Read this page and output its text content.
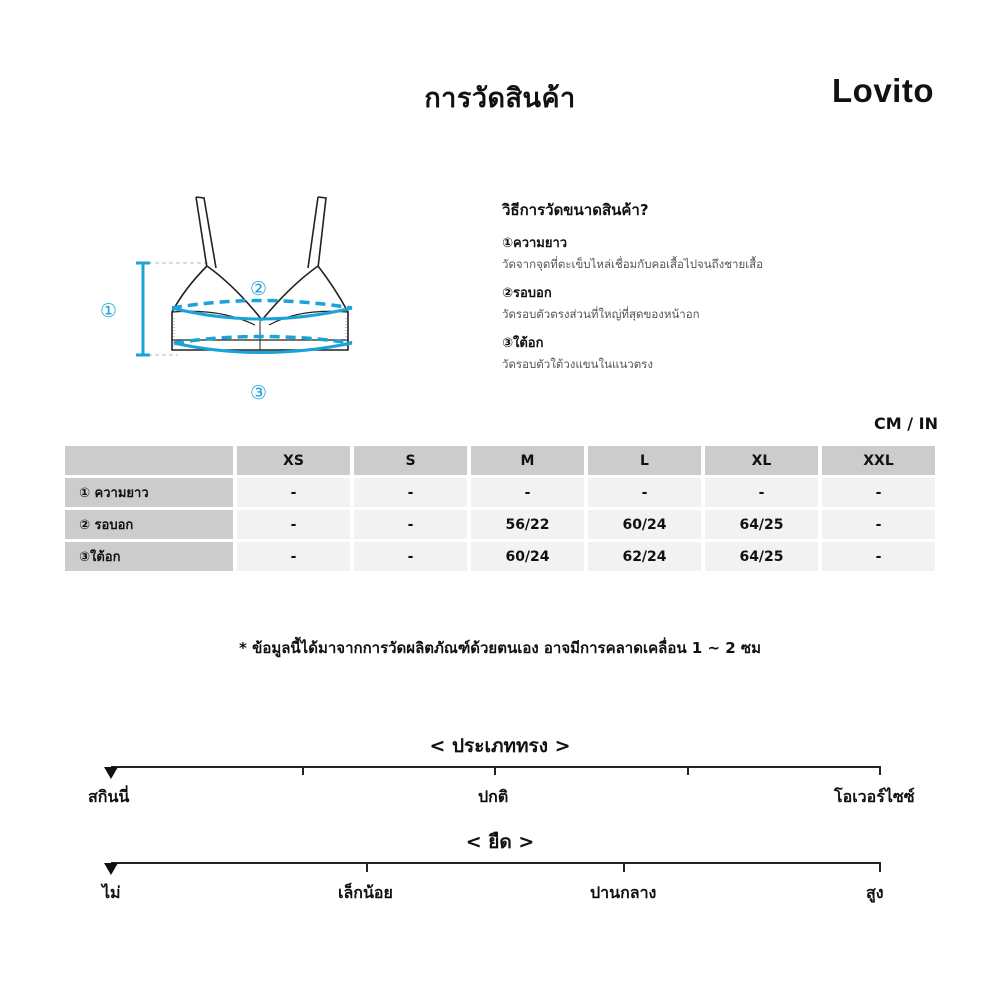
การวัดสินค้า	Lovito
①
②
③
วิธีการวัดขนาดสินค้า?
①ความยาว
วัดจากจุดที่ตะเข็บไหล่เชื่อมกับคอเสื้อไปจนถึงชายเสื้อ
②รอบอก
วัดรอบตัวตรงส่วนที่ใหญ่ที่สุดของหน้าอก
③ใต้อก
วัดรอบตัวใต้วงแขนในแนวตรง
CM / IN
	XS	S	M	L	XL	XXL
① ความยาว	-	-	-	-	-	-
② รอบอก	-	-	56/22	60/24	64/25	-
③ใต้อก	-	-	60/24	62/24	64/25	-
* ข้อมูลนี้ได้มาจากการวัดผลิตภัณฑ์ด้วยตนเอง อาจมีการคลาดเคลื่อน 1 ~ 2 ซม
< ประเภททรง >
สกินนี่	ปกติ	โอเวอร์ไซซ์
< ยืด >
ไม่	เล็กน้อย	ปานกลาง	สูง
